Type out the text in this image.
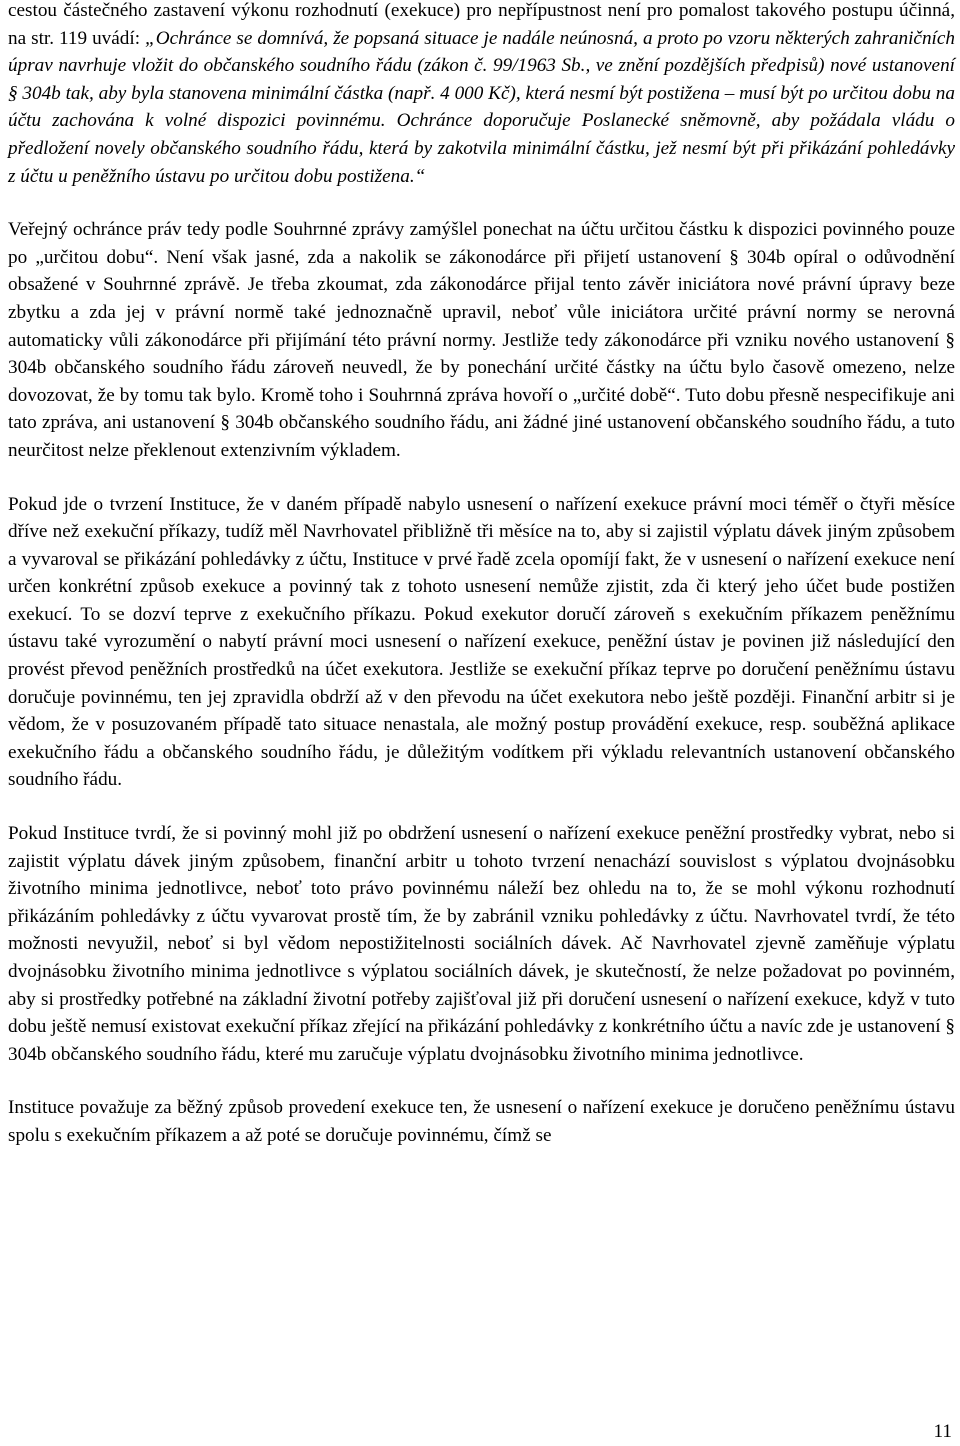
cestou částečného zastavení výkonu rozhodnutí (exekuce) pro nepřípustnost není pro pomalost takového postupu účinná, na str. 119 uvádí: „Ochránce se domnívá, že popsaná situace je nadále neúnosná, a proto po vzoru některých zahraničních úprav navrhuje vložit do občanského soudního řádu (zákon č. 99/1963 Sb., ve znění pozdějších předpisů) nové ustanovení § 304b tak, aby byla stanovena minimální částka (např. 4 000 Kč), která nesmí být postižena – musí být po určitou dobu na účtu zachována k volné dispozici povinnému. Ochránce doporučuje Poslanecké sněmovně, aby požádala vládu o předložení novely občanského soudního řádu, která by zakotvila minimální částku, jež nesmí být při přikázání pohledávky z účtu u peněžního ústavu po určitou dobu postižena.“

Veřejný ochránce práv tedy podle Souhrnné zprávy zamýšlel ponechat na účtu určitou částku k dispozici povinného pouze po „určitou dobu“. Není však jasné, zda a nakolik se zákonodárce při přijetí ustanovení § 304b opíral o odůvodnění obsažené v Souhrnné zprávě. Je třeba zkoumat, zda zákonodárce přijal tento závěr iniciátora nové právní úpravy beze zbytku a zda jej v právní normě také jednoznačně upravil, neboť vůle iniciátora určité právní normy se nerovná automaticky vůli zákonodárce při přijímání této právní normy. Jestliže tedy zákonodárce při vzniku nového ustanovení § 304b občanského soudního řádu zároveň neuvedl, že by ponechání určité částky na účtu bylo časově omezeno, nelze dovozovat, že by tomu tak bylo. Kromě toho i Souhrnná zpráva hovoří o „určité době“. Tuto dobu přesně nespecifikuje ani tato zpráva, ani ustanovení § 304b občanského soudního řádu, ani žádné jiné ustanovení občanského soudního řádu, a tuto neurčitost nelze překlenout extenzivním výkladem.

Pokud jde o tvrzení Instituce, že v daném případě nabylo usnesení o nařízení exekuce právní moci téměř o čtyři měsíce dříve než exekuční příkazy, tudíž měl Navrhovatel přibližně tři měsíce na to, aby si zajistil výplatu dávek jiným způsobem a vyvaroval se přikázání pohledávky z účtu, Instituce v prvé řadě zcela opomíjí fakt, že v usnesení o nařízení exekuce není určen konkrétní způsob exekuce a povinný tak z tohoto usnesení nemůže zjistit, zda či který jeho účet bude postižen exekucí. To se dozví teprve z exekučního příkazu. Pokud exekutor doručí zároveň s exekučním příkazem peněžnímu ústavu také vyrozumění o nabytí právní moci usnesení o nařízení exekuce, peněžní ústav je povinen již následující den provést převod peněžních prostředků na účet exekutora. Jestliže se exekuční příkaz teprve po doručení peněžnímu ústavu doručuje povinnému, ten jej zpravidla obdrží až v den převodu na účet exekutora nebo ještě později. Finanční arbitr si je vědom, že v posuzovaném případě tato situace nenastala, ale možný postup provádění exekuce, resp. souběžná aplikace exekučního řádu a občanského soudního řádu, je důležitým vodítkem při výkladu relevantních ustanovení občanského soudního řádu.

Pokud Instituce tvrdí, že si povinný mohl již po obdržení usnesení o nařízení exekuce peněžní prostředky vybrat, nebo si zajistit výplatu dávek jiným způsobem, finanční arbitr u tohoto tvrzení nenachází souvislost s výplatou dvojnásobku životního minima jednotlivce, neboť toto právo povinnému náleží bez ohledu na to, že se mohl výkonu rozhodnutí přikázáním pohledávky z účtu vyvarovat prostě tím, že by zabránil vzniku pohledávky z účtu. Navrhovatel tvrdí, že této možnosti nevyužil, neboť si byl vědom nepostižitelnosti sociálních dávek. Ač Navrhovatel zjevně zaměňuje výplatu dvojnásobku životního minima jednotlivce s výplatou sociálních dávek, je skutečností, že nelze požadovat po povinném, aby si prostředky potřebné na základní životní potřeby zajišťoval již při doručení usnesení o nařízení exekuce, když v tuto dobu ještě nemusí existovat exekuční příkaz zřející na přikázání pohledávky z konkrétního účtu a navíc zde je ustanovení § 304b občanského soudního řádu, které mu zaručuje výplatu dvojnásobku životního minima jednotlivce.

Instituce považuje za běžný způsob provedení exekuce ten, že usnesení o nařízení exekuce je doručeno peněžnímu ústavu spolu s exekučním příkazem a až poté se doručuje povinnému, čímž se

11
